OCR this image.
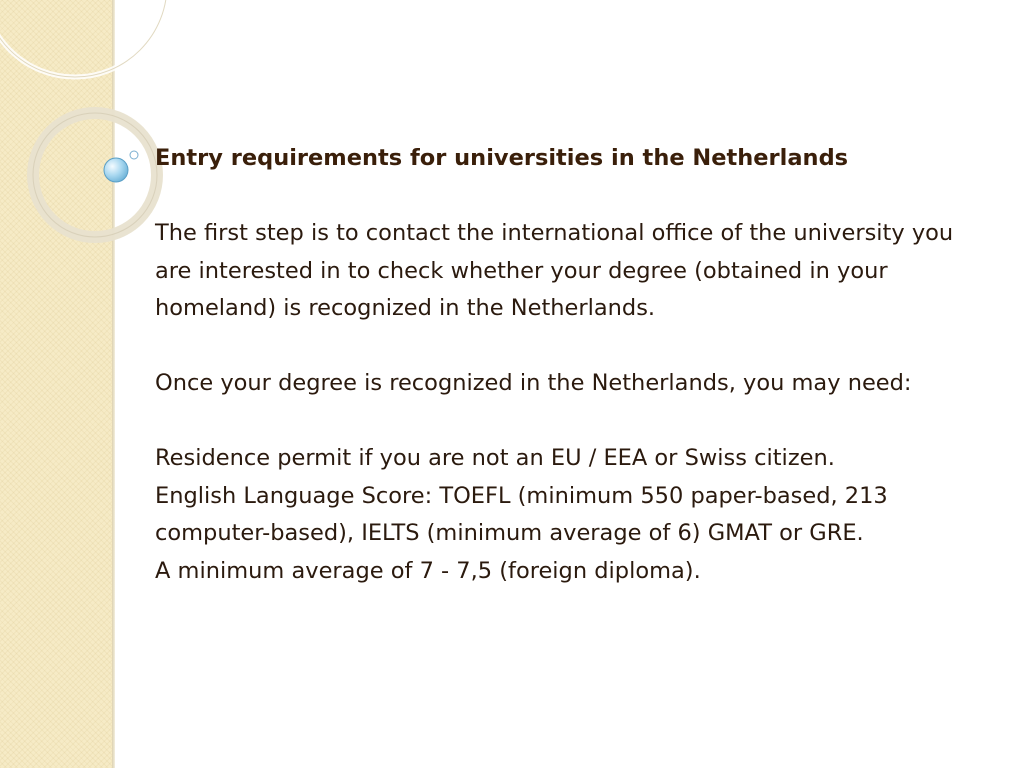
Entry requirements for universities in the Netherlands

The first step is to contact the international office of the university you are interested in to check whether your degree (obtained in your homeland) is recognized in the Netherlands.

Once your degree is recognized in the Netherlands, you may need:

Residence permit if you are not an EU / EEA or Swiss citizen.

English Language Score: TOEFL (minimum 550 paper-based, 213 computer-based), IELTS (minimum average of 6) GMAT or GRE.

A minimum average of 7 - 7,5 (foreign diploma).
